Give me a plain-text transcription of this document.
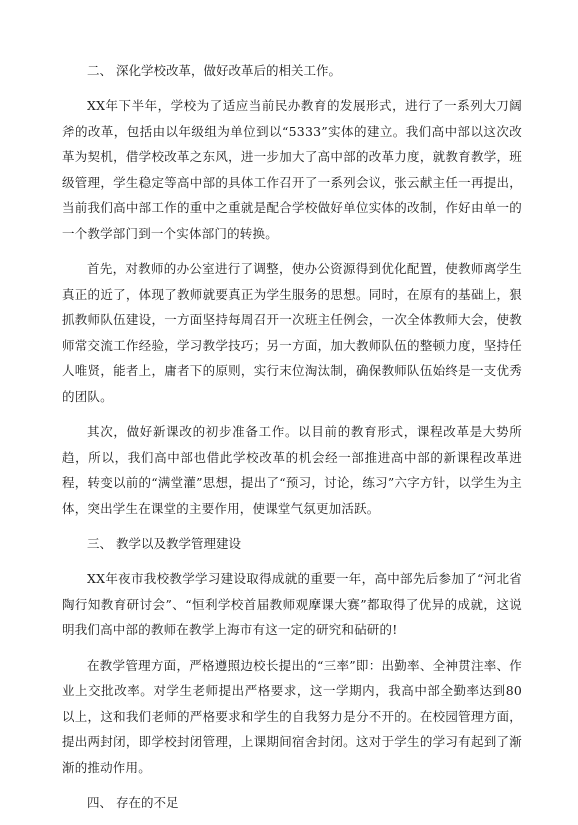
二、 深化学校改革，做好改革后的相关工作。

XX年下半年，学校为了适应当前民办教育的发展形式，进行了一系列大刀阔斧的改革，包括由以年级组为单位到以“5333”实体的建立。我们高中部以这次改革为契机，借学校改革之东风，进一步加大了高中部的改革力度，就教育教学，班级管理，学生稳定等高中部的具体工作召开了一系列会议，张云献主任一再提出，当前我们高中部工作的重中之重就是配合学校做好单位实体的改制，作好由单一的一个教学部门到一个实体部门的转换。

首先，对教师的办公室进行了调整，使办公资源得到优化配置，使教师离学生真正的近了，体现了教师就要真正为学生服务的思想。同时，在原有的基础上，狠抓教师队伍建设，一方面坚持每周召开一次班主任例会，一次全体教师大会，使教师常交流工作经验，学习教学技巧；另一方面，加大教师队伍的整顿力度，坚持任人唯贤，能者上，庸者下的原则，实行末位淘汰制，确保教师队伍始终是一支优秀的团队。

其次，做好新课改的初步准备工作。以目前的教育形式，课程改革是大势所趋，所以，我们高中部也借此学校改革的机会经一部推进高中部的新课程改革进程，转变以前的“满堂灌”思想，提出了“预习，讨论，练习”六字方针，以学生为主体，突出学生在课堂的主要作用，使课堂气氛更加活跃。

三、 教学以及教学管理建设

XX年夜市我校教学学习建设取得成就的重要一年，高中部先后参加了“河北省陶行知教育研讨会”、“恒利学校首届教师观摩课大赛”都取得了优异的成就，这说明我们高中部的教师在教学上海市有这一定的研究和砧研的!

在教学管理方面，严格遵照边校长提出的“三率”即：出勤率、全神贯注率、作业上交批改率。对学生老师提出严格要求，这一学期内，我高中部全勤率达到80以上，这和我们老师的严格要求和学生的自我努力是分不开的。在校园管理方面，提出两封闭，即学校封闭管理，上课期间宿舍封闭。这对于学生的学习有起到了渐渐的推动作用。

四、 存在的不足
